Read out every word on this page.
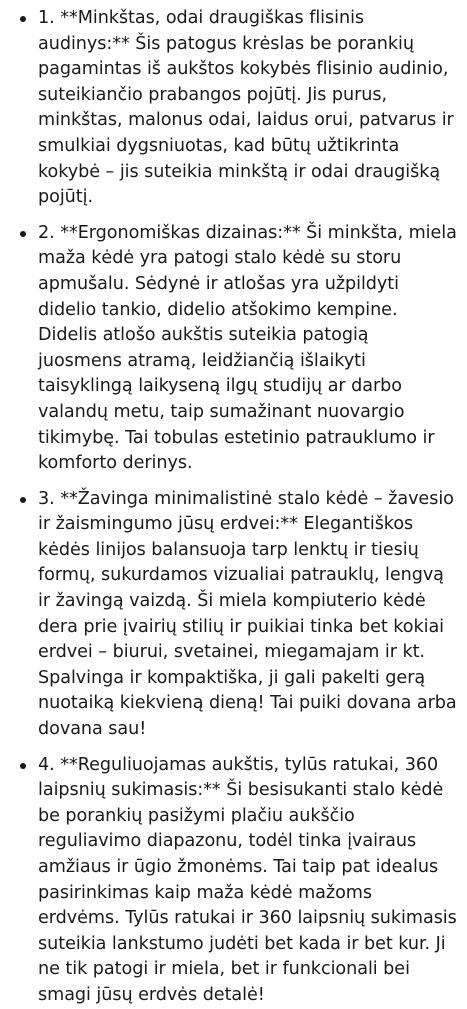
1. **Minkštas, odai draugiškas flisinis audinys:** Šis patogus krėslas be porankių pagamintas iš aukštos kokybės flisinio audinio, suteikiančio prabangos pojūtį. Jis purus, minkštas, malonus odai, laidus orui, patvarus ir smulkiai dygsniuotas, kad būtų užtikrinta kokybė – jis suteikia minkštą ir odai draugišką pojūtį.
2. **Ergonomiškas dizainas:** Ši minkšta, miela maža kėdė yra patogi stalo kėdė su storu apmušalu. Sėdynė ir atlošas yra užpildyti didelio tankio, didelio atšokimo kempine. Didelis atlošo aukštis suteikia patogią juosmens atramą, leidžiančią išlaikyti taisyklingą laikyseną ilgų studijų ar darbo valandų metu, taip sumažinant nuovargio tikimybę. Tai tobulas estetinio patrauklumo ir komforto derinys.
3. **Žavinga minimalistinė stalo kėdė – žavesio ir žaismingumo jūsų erdvei:** Elegantiškos kėdės linijos balansuoja tarp lenktų ir tiesių formų, sukurdamos vizualiai patrauklų, lengvą ir žavingą vaizdą. Ši miela kompiuterio kėdė dera prie įvairių stilių ir puikiai tinka bet kokiai erdvei – biurui, svetainei, miegamajam ir kt. Spalvinga ir kompaktiška, ji gali pakelti gerą nuotaiką kiekvieną dieną! Tai puiki dovana arba dovana sau!
4. **Reguliuojamas aukštis, tylūs ratukai, 360 laipsnių sukimasis:** Ši besisukanti stalo kėdė be porankių pasižymi plačiu aukščio reguliavimo diapazonu, todėl tinka įvairaus amžiaus ir ūgio žmonėms. Tai taip pat idealus pasirinkimas kaip maža kėdė mažoms erdvėms. Tylūs ratukai ir 360 laipsnių sukimasis suteikia lankstumo judėti bet kada ir bet kur. Ji ne tik patogi ir miela, bet ir funkcionali bei smagi jūsų erdvės detalė!
